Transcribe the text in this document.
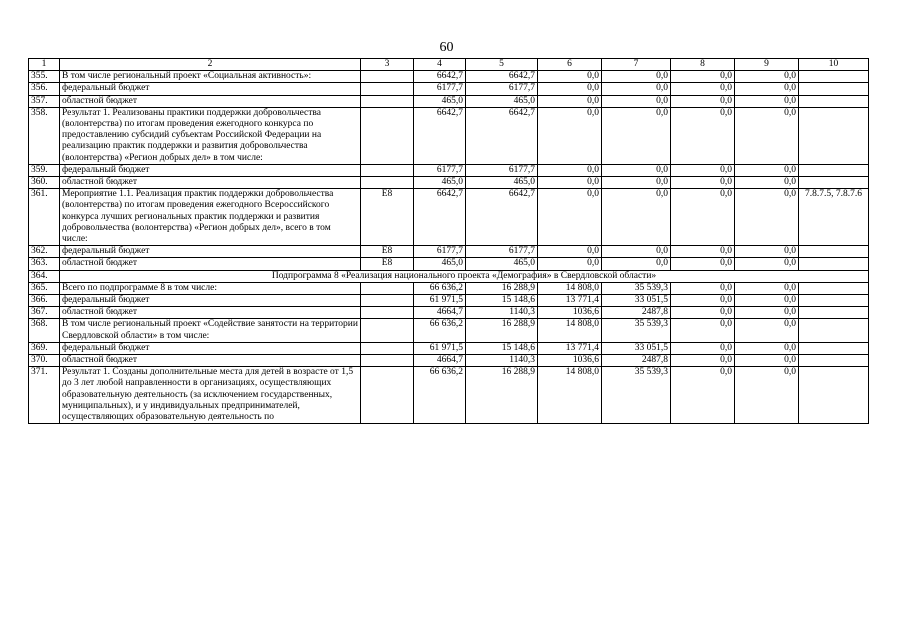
60
1	2	3	4	5	6	7	8	9	10
355.	В том числе региональный проект «Социальная активность»:		6642,7	6642,7	0,0	0,0	0,0	0,0	
356.	федеральный бюджет		6177,7	6177,7	0,0	0,0	0,0	0,0	
357.	областной бюджет		465,0	465,0	0,0	0,0	0,0	0,0	
358.	Результат 1. Реализованы практики поддержки добровольчества (волонтерства) по итогам проведения ежегодного конкурса по предоставлению субсидий субъектам Российской Федерации на реализацию практик поддержки и развития добровольчества (волонтерства) «Регион добрых дел» в том числе:		6642,7	6642,7	0,0	0,0	0,0	0,0	
359.	федеральный бюджет		6177,7	6177,7	0,0	0,0	0,0	0,0	
360.	областной бюджет		465,0	465,0	0,0	0,0	0,0	0,0	
361.	Мероприятие 1.1. Реализация практик поддержки добровольчества (волонтерства) по итогам проведения ежегодного Всероссийского конкурса лучших региональных практик поддержки и развития добровольчества (волонтерства) «Регион добрых дел», всего в том числе:	Е8	6642,7	6642,7	0,0	0,0	0,0	0,0	7.8.7.5, 7.8.7.6
362.	федеральный бюджет	Е8	6177,7	6177,7	0,0	0,0	0,0	0,0	
363.	областной бюджет	Е8	465,0	465,0	0,0	0,0	0,0	0,0	
364.	Подпрограмма 8 «Реализация национального проекта «Демография» в Свердловской области»								
365.	Всего по подпрограмме 8 в том числе:		66 636,2	16 288,9	14 808,0	35 539,3	0,0	0,0	
366.	федеральный бюджет		61 971,5	15 148,6	13 771,4	33 051,5	0,0	0,0	
367.	областной бюджет		4664,7	1140,3	1036,6	2487,8	0,0	0,0	
368.	В том числе региональный проект «Содействие занятости на территории Свердловской области» в том числе:		66 636,2	16 288,9	14 808,0	35 539,3	0,0	0,0	
369.	федеральный бюджет		61 971,5	15 148,6	13 771,4	33 051,5	0,0	0,0	
370.	областной бюджет		4664,7	1140,3	1036,6	2487,8	0,0	0,0	
371.	Результат 1. Созданы дополнительные места для детей в возрасте от 1,5 до 3 лет любой направленности в организациях, осуществляющих образовательную деятельность (за исключением государственных, муниципальных), и у индивидуальных предпринимателей, осуществляющих образовательную деятельность по		66 636,2	16 288,9	14 808,0	35 539,3	0,0	0,0	
